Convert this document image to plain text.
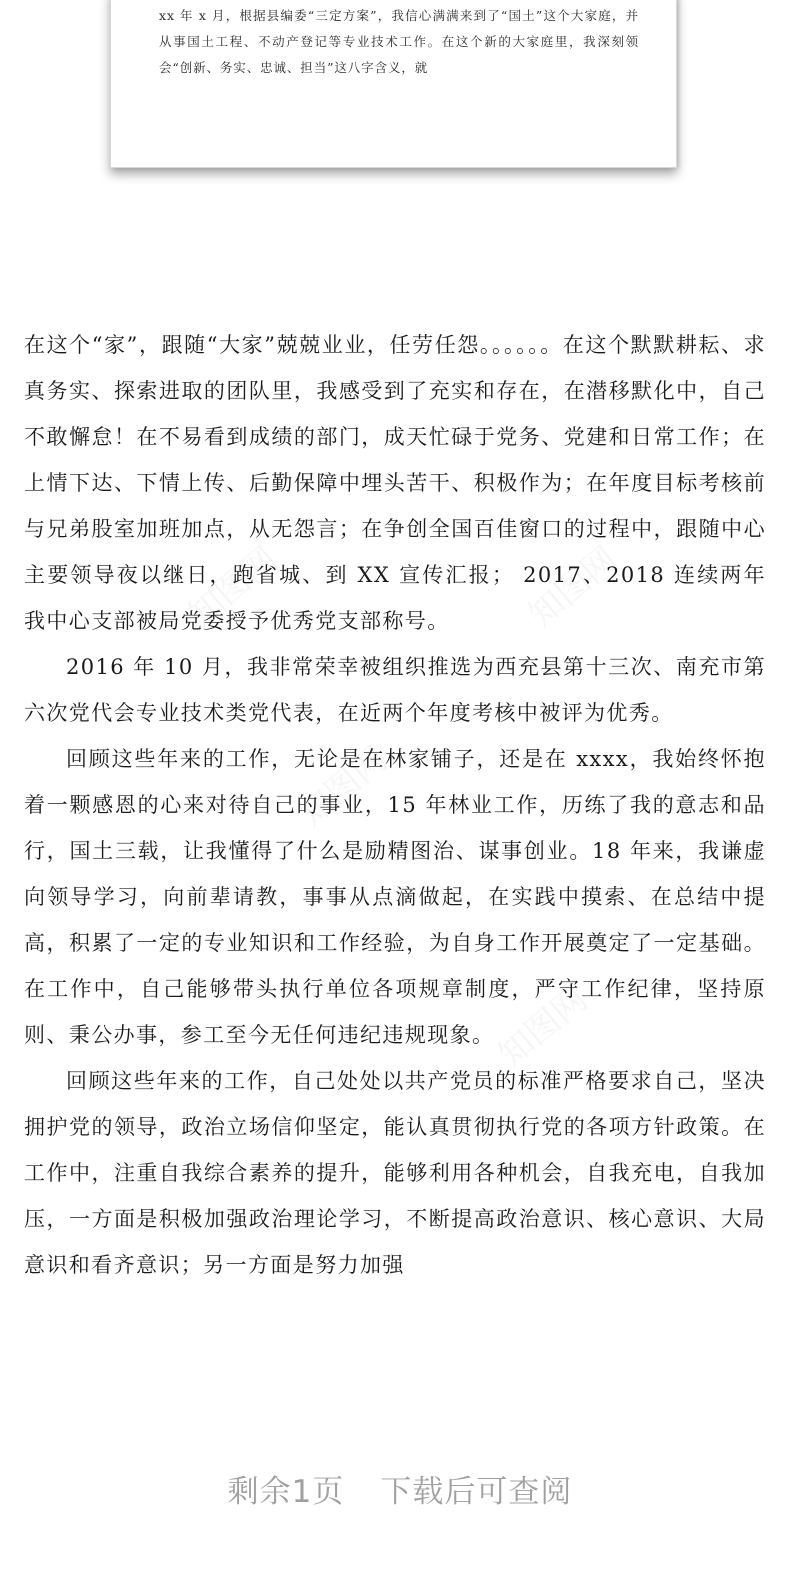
xx 年 x 月，根据县编委“三定方案”，我信心满满来到了“国土”这个大家庭，并从事国土工程、不动产登记等专业技术工作。在这个新的大家庭里，我深刻领会“创新、务实、忠诚、担当”这八字含义，就

知图网	知图网
知图网
知图网

在这个“家”，跟随“大家”兢兢业业，任劳任怨。。。。。。在这个默默耕耘、求真务实、探索进取的团队里，我感受到了充实和存在，在潜移默化中，自己不敢懈怠！在不易看到成绩的部门，成天忙碌于党务、党建和日常工作；在上情下达、下情上传、后勤保障中埋头苦干、积极作为；在年度目标考核前与兄弟股室加班加点，从无怨言；在争创全国百佳窗口的过程中，跟随中心主要领导夜以继日，跑省城、到 XX 宣传汇报； 2017、2018 连续两年我中心支部被局党委授予优秀党支部称号。

2016 年 10 月，我非常荣幸被组织推选为西充县第十三次、南充市第六次党代会专业技术类党代表，在近两个年度考核中被评为优秀。

回顾这些年来的工作，无论是在林家铺子，还是在 xxxx，我始终怀抱着一颗感恩的心来对待自己的事业，15 年林业工作，历练了我的意志和品行，国土三载，让我懂得了什么是励精图治、谋事创业。18 年来，我谦虚向领导学习，向前辈请教，事事从点滴做起，在实践中摸索、在总结中提高，积累了一定的专业知识和工作经验，为自身工作开展奠定了一定基础。在工作中，自己能够带头执行单位各项规章制度，严守工作纪律，坚持原则、秉公办事，参工至今无任何违纪违规现象。

回顾这些年来的工作，自己处处以共产党员的标准严格要求自己，坚决拥护党的领导，政治立场信仰坚定，能认真贯彻执行党的各项方针政策。在工作中，注重自我综合素养的提升，能够利用各种机会，自我充电，自我加压，一方面是积极加强政治理论学习，不断提高政治意识、核心意识、大局意识和看齐意识；另一方面是努力加强

剩余1页 下载后可查阅
